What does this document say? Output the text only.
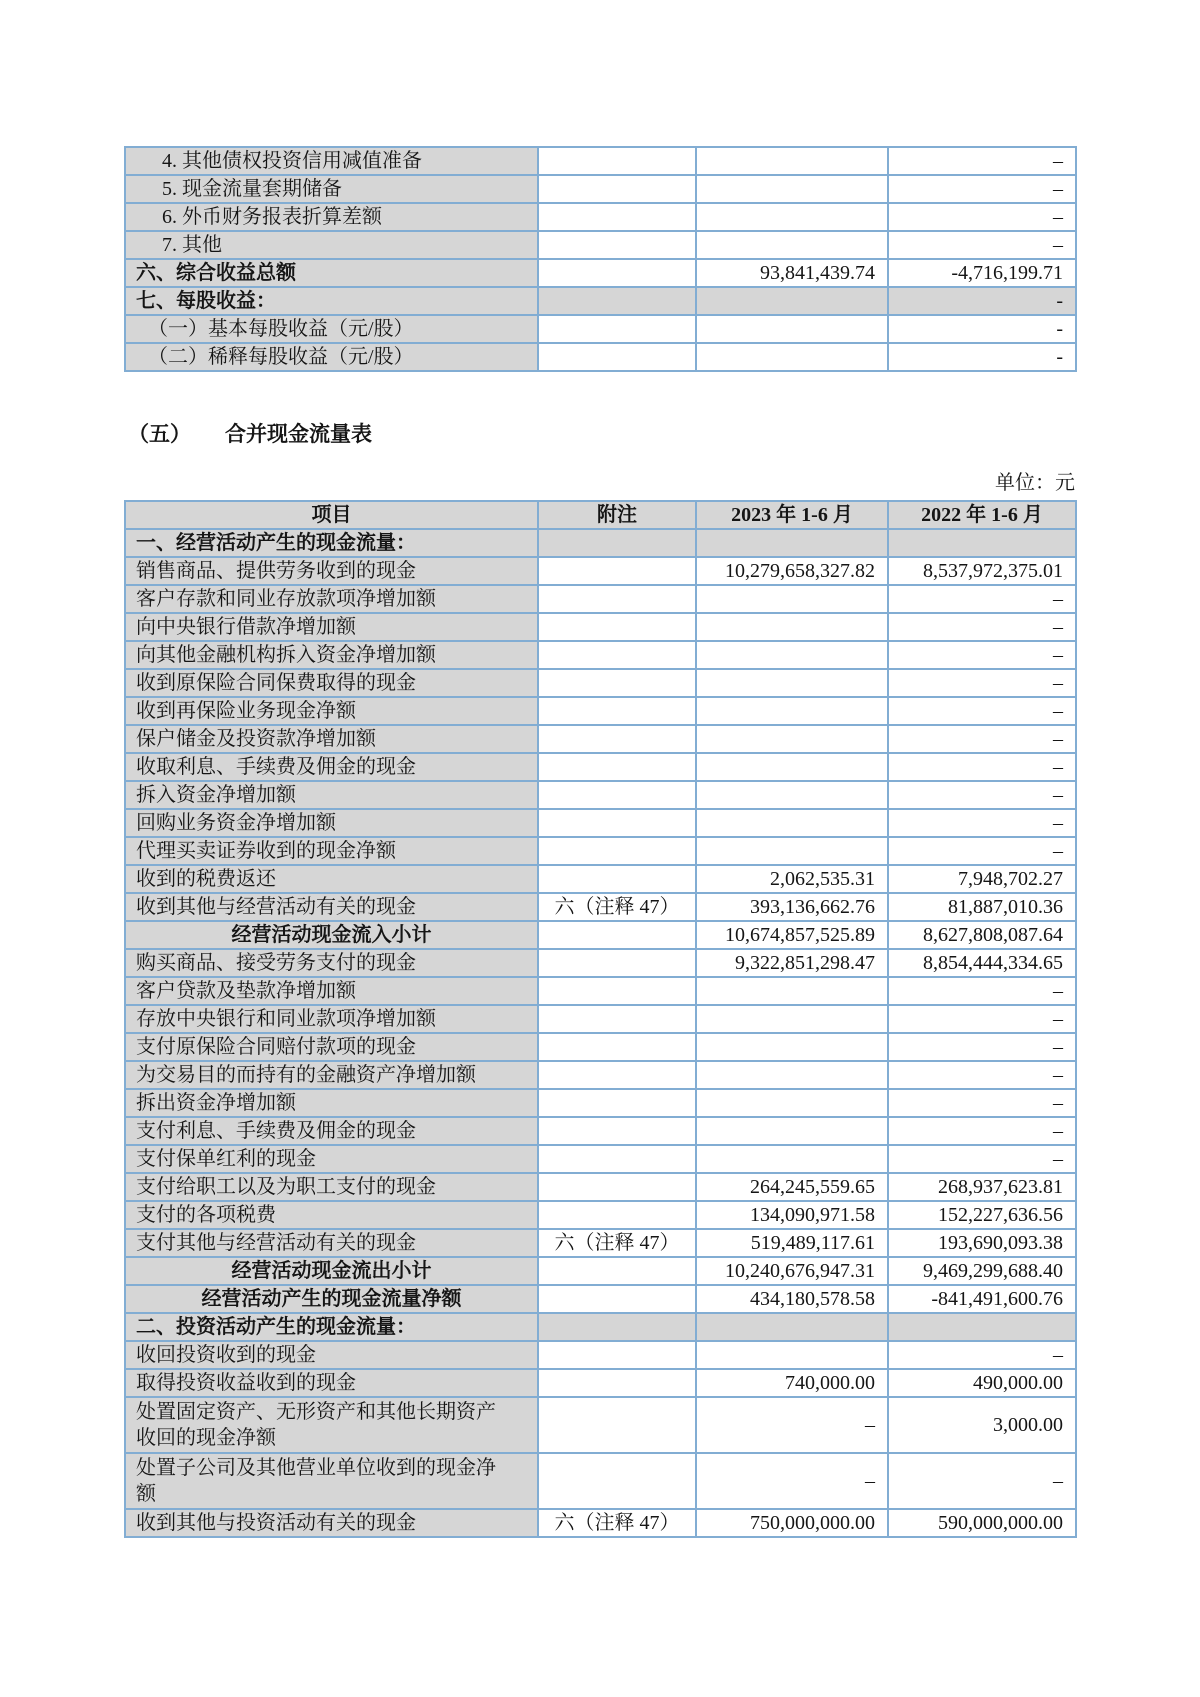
4. 其他债权投资信用减值准备			–
5. 现金流量套期储备			–
6. 外币财务报表折算差额			–
7. 其他			–
六、综合收益总额		93,841,439.74	-4,716,199.71
七、每股收益：			-
（一）基本每股收益（元/股）			-
（二）稀释每股收益（元/股）			-
（五） 合并现金流量表
单位：元
项目	附注	2023 年 1-6 月	2022 年 1-6 月
一、经营活动产生的现金流量：			
销售商品、提供劳务收到的现金		10,279,658,327.82	8,537,972,375.01
客户存款和同业存放款项净增加额			–
向中央银行借款净增加额			–
向其他金融机构拆入资金净增加额			–
收到原保险合同保费取得的现金			–
收到再保险业务现金净额			–
保户储金及投资款净增加额			–
收取利息、手续费及佣金的现金			–
拆入资金净增加额			–
回购业务资金净增加额			–
代理买卖证券收到的现金净额			–
收到的税费返还		2,062,535.31	7,948,702.27
收到其他与经营活动有关的现金	六（注释 47）	393,136,662.76	81,887,010.36
经营活动现金流入小计		10,674,857,525.89	8,627,808,087.64
购买商品、接受劳务支付的现金		9,322,851,298.47	8,854,444,334.65
客户贷款及垫款净增加额			–
存放中央银行和同业款项净增加额			–
支付原保险合同赔付款项的现金			–
为交易目的而持有的金融资产净增加额			–
拆出资金净增加额			–
支付利息、手续费及佣金的现金			–
支付保单红利的现金			–
支付给职工以及为职工支付的现金		264,245,559.65	268,937,623.81
支付的各项税费		134,090,971.58	152,227,636.56
支付其他与经营活动有关的现金	六（注释 47）	519,489,117.61	193,690,093.38
经营活动现金流出小计		10,240,676,947.31	9,469,299,688.40
经营活动产生的现金流量净额		434,180,578.58	-841,491,600.76
二、投资活动产生的现金流量：			
收回投资收到的现金			–
取得投资收益收到的现金		740,000.00	490,000.00
处置固定资产、无形资产和其他长期资产收回的现金净额		–	3,000.00
处置子公司及其他营业单位收到的现金净额		–	–
收到其他与投资活动有关的现金	六（注释 47）	750,000,000.00	590,000,000.00
